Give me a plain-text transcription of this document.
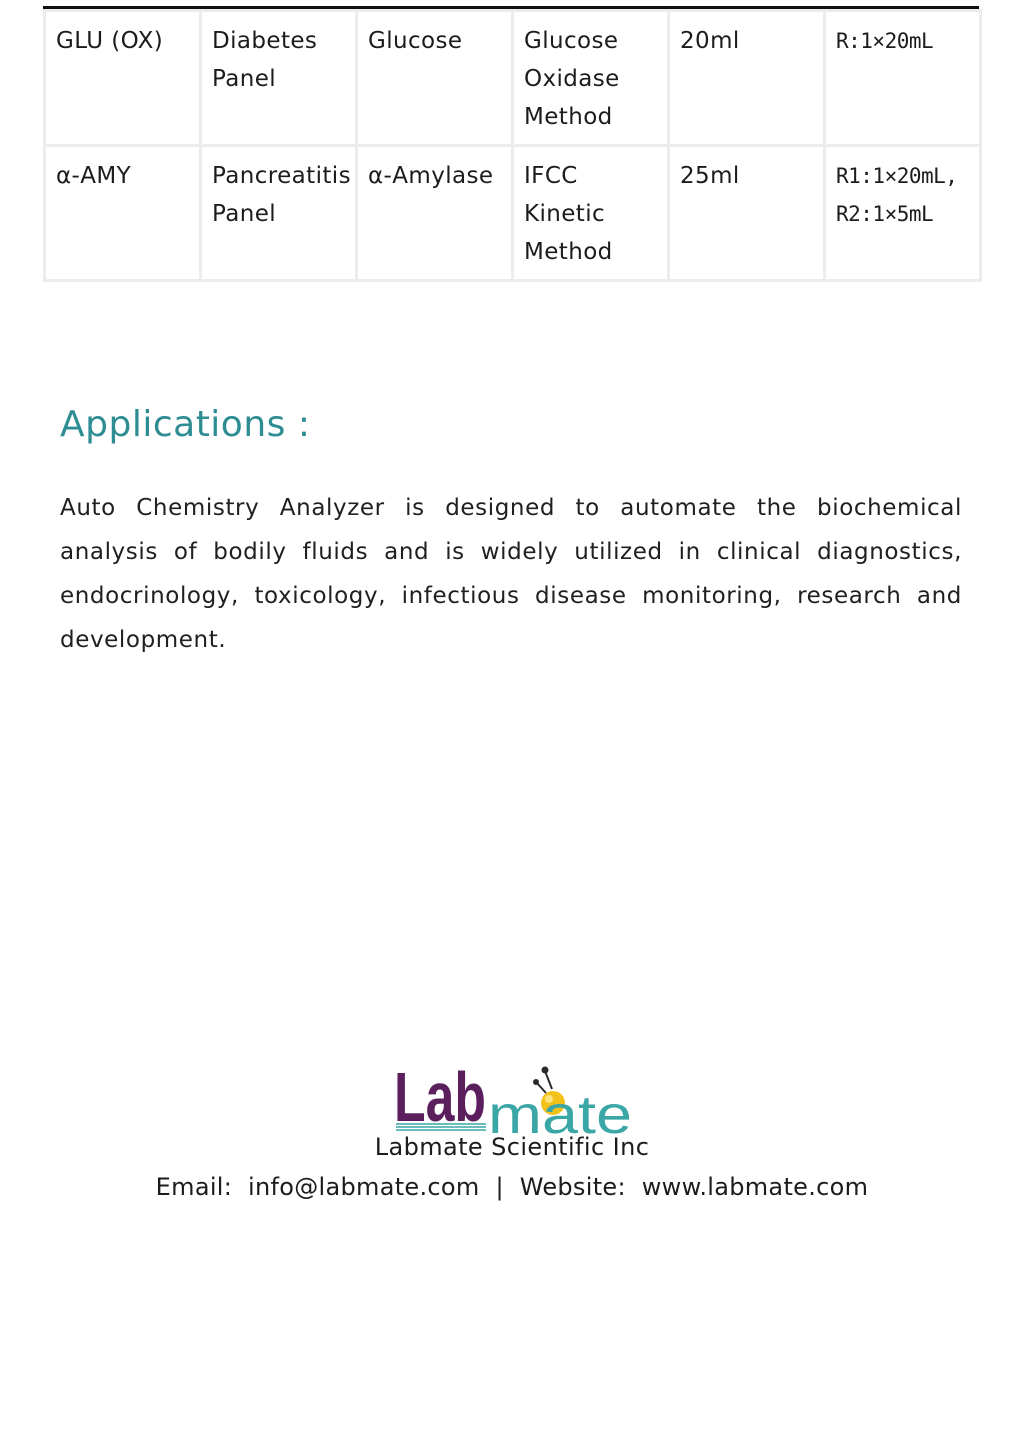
GLU (OX)	Diabetes Panel	Glucose	Glucose Oxidase Method	20ml	R:1×20mL
α-AMY	Pancreatitis Panel	α-Amylase	IFCC Kinetic Method	25ml	R1:1×20mL, R2:1×5mL
Applications :

Auto Chemistry Analyzer is designed to automate the biochemical analysis of bodily fluids and is widely utilized in clinical diagnostics, endocrinology, toxicology, infectious disease monitoring, research and development.

Lab mate
Labmate Scientific Inc
Email: info@labmate.com | Website: www.labmate.com
